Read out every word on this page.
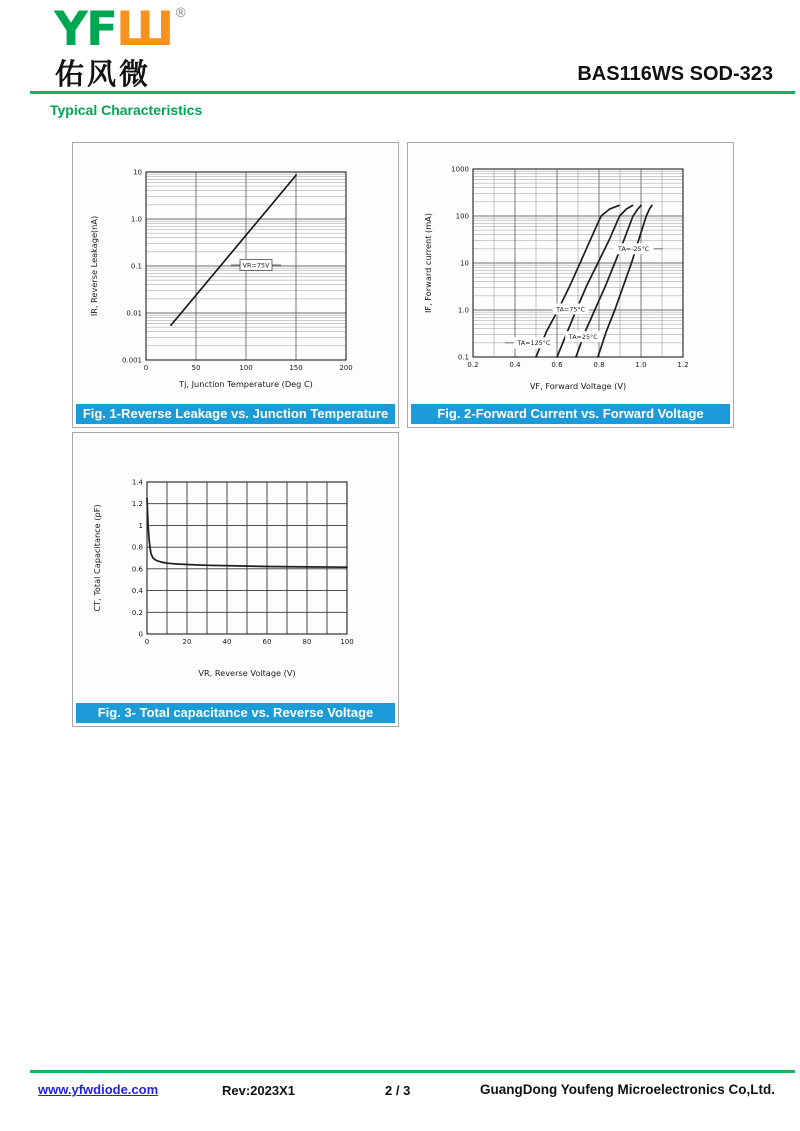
YFШ ®
佑风微	BAS116WS SOD-323
Typical Characteristics
0	50	100	150	200
10
1.0
0.1
0.01
0.001
Tj, Junction Temperature (Deg C)
IR, Reverse Leakage(nA)	VR=75V
Fig. 1-Reverse Leakage vs. Junction Temperature
0.2	0.4	0.6	0.8	1.0	1.2
1000
100
10
1.0
0.1
VF, Forward Voltage (V)
IF, Forward current (mA)
TA=125°C
TA=75°C
TA=25°C
TA=-25°C
Fig. 2-Forward Current vs. Forward Voltage
0	20	40	60	80	100
0
0.2
0.4
0.6
0.8
1
1.2
1.4
VR, Reverse Voltage (V)
CT, Total Capacitance (pF)
Fig. 3- Total capacitance vs. Reverse Voltage
www.yfwdiode.com	Rev:2023X1	2 / 3	GuangDong Youfeng Microelectronics Co,Ltd.
